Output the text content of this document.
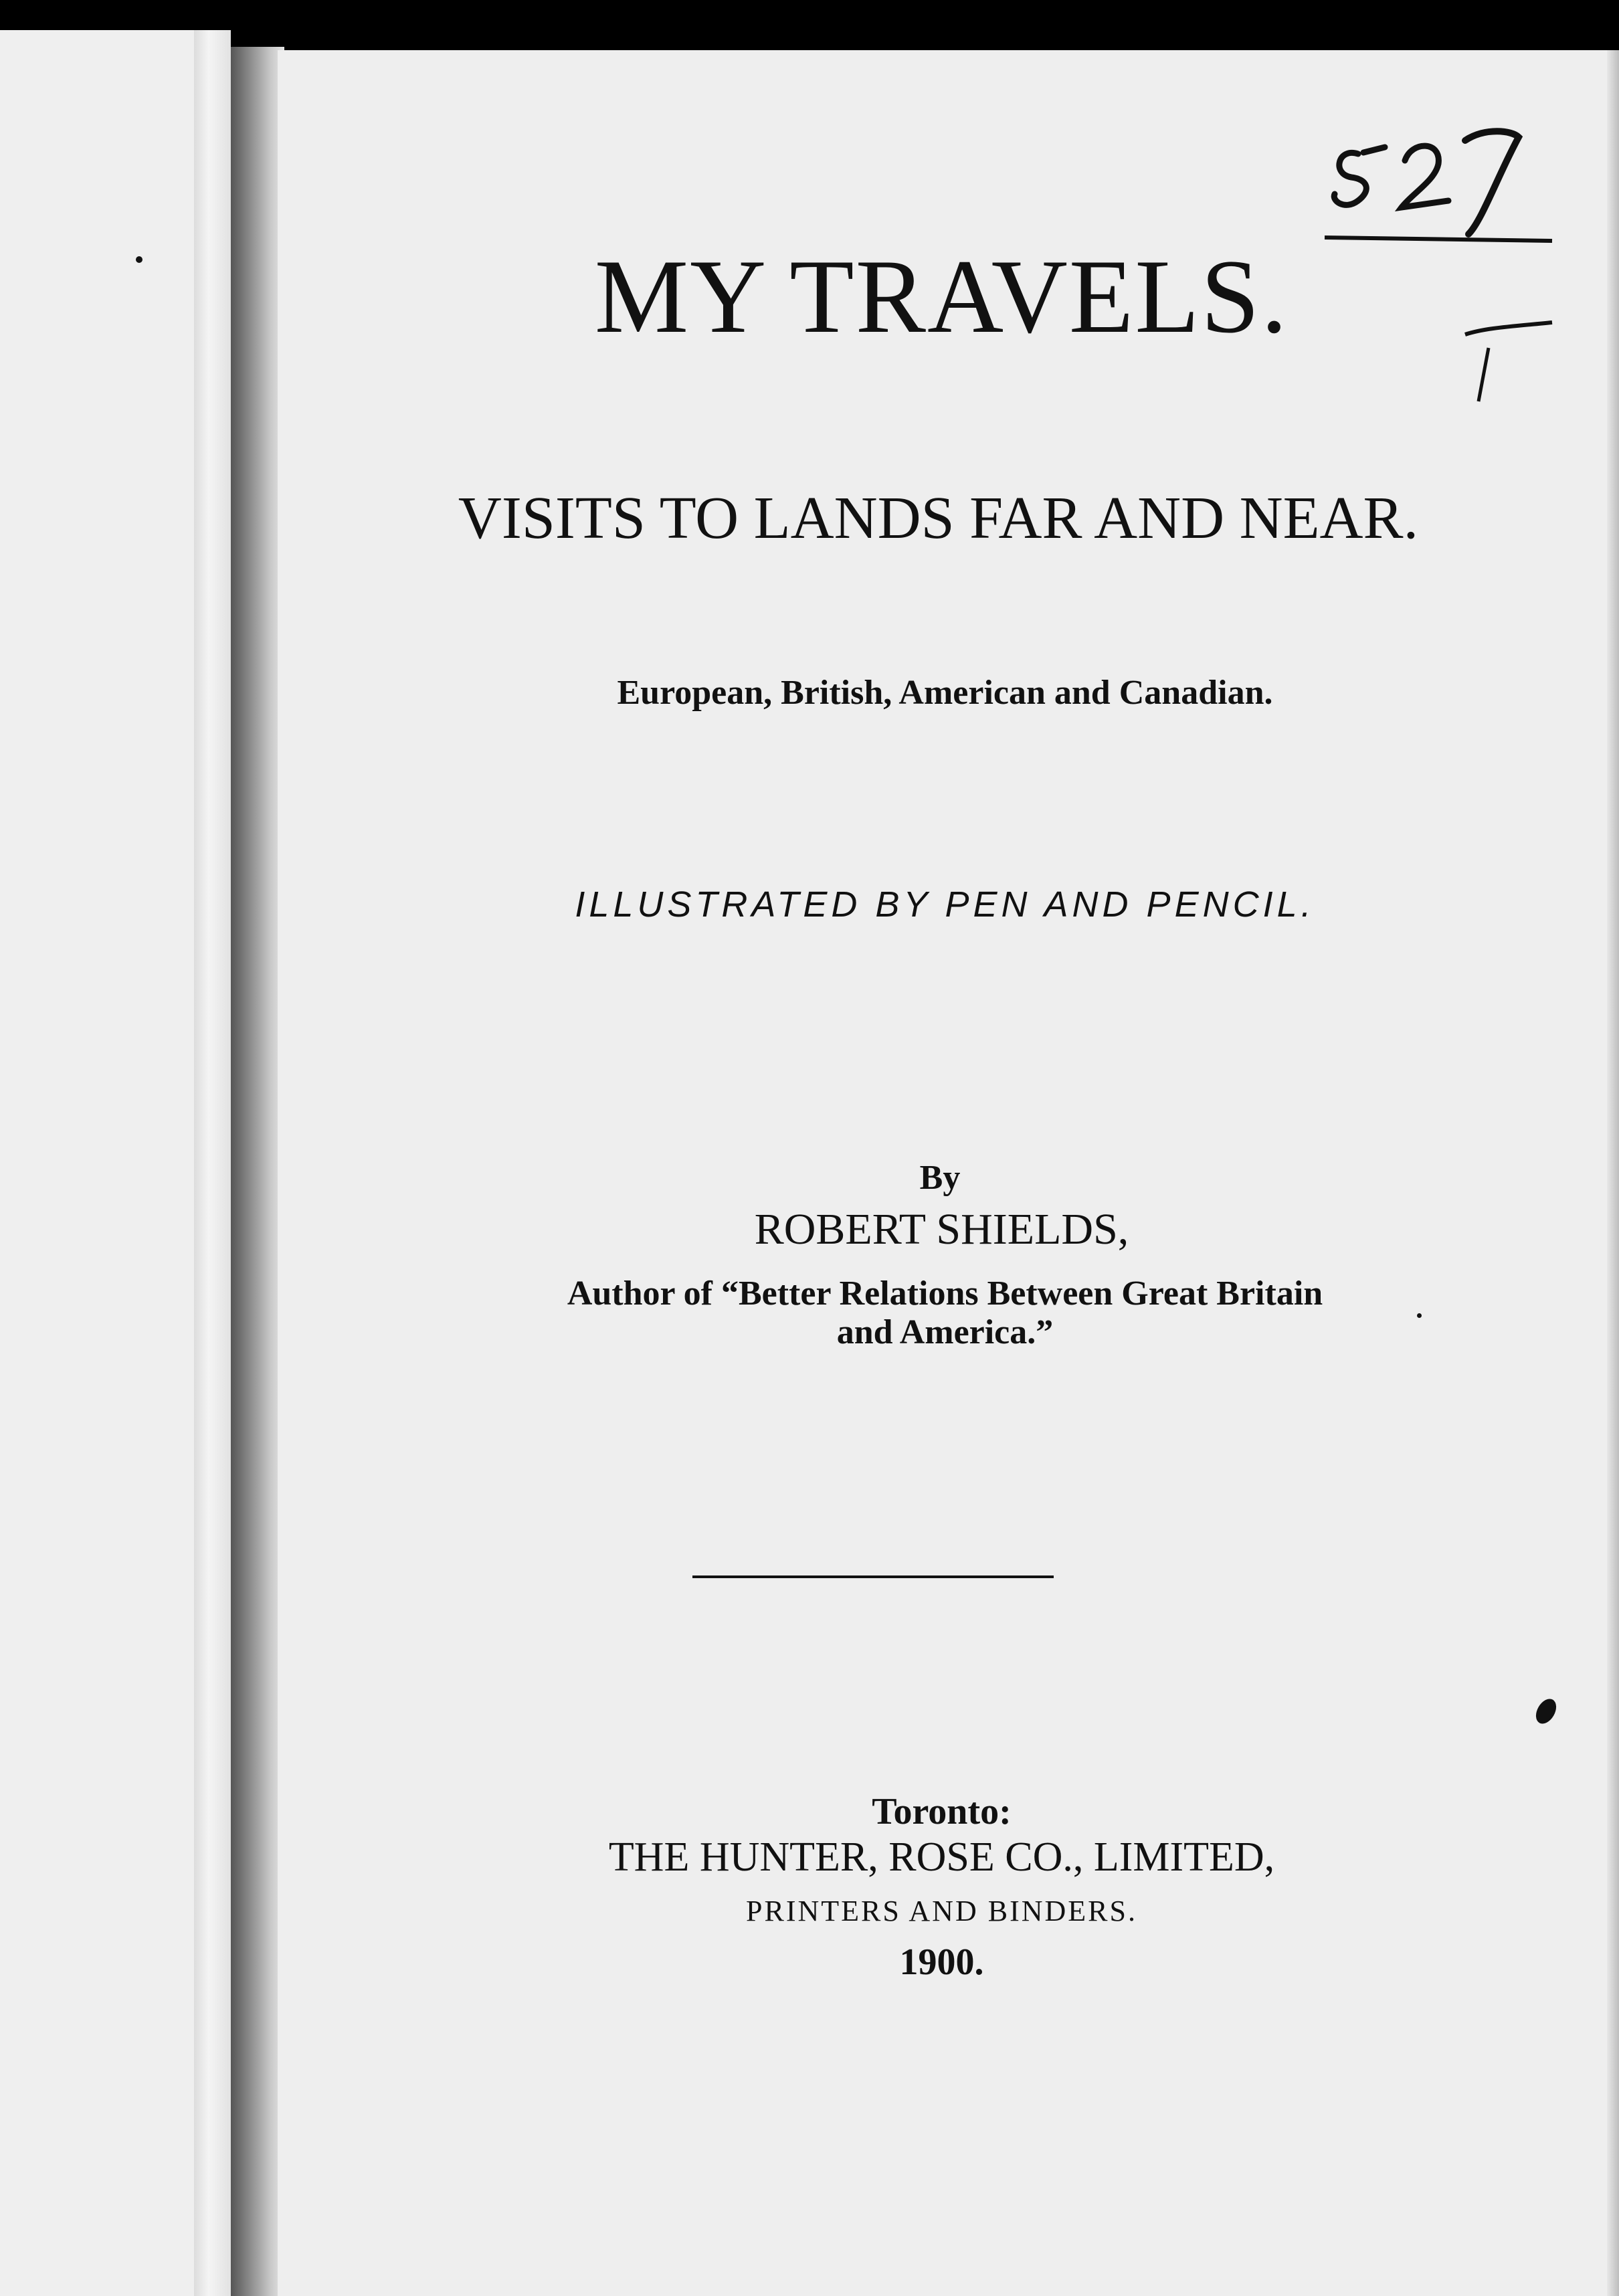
MY TRAVELS.
VISITS TO LANDS FAR AND NEAR.
European, British, American and Canadian.
ILLUSTRATED BY PEN AND PENCIL.
By
ROBERT SHIELDS,
Author of “Better Relations Between Great Britain
and America.”
Toronto:
THE HUNTER, ROSE CO., LIMITED,
PRINTERS AND BINDERS.
1900.
